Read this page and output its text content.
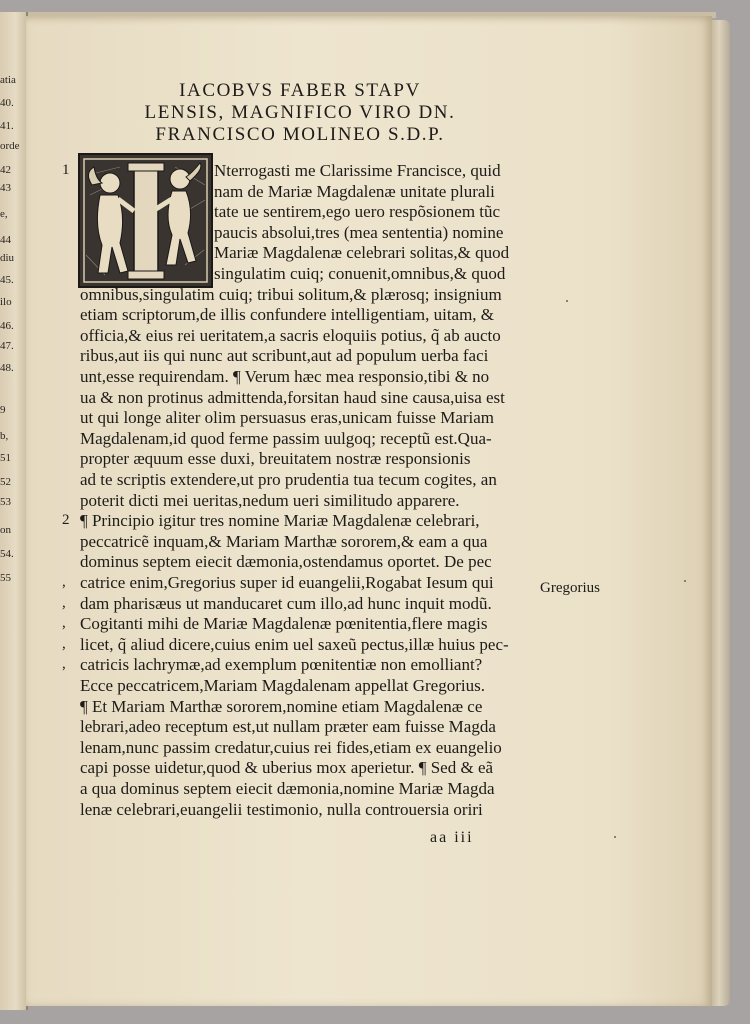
atia
40.
41.
orde
42
43
e,
44
diu
45.
ilo
46.
47.
48.
9
b,
51
52
53
on
54.
55
IACOBVS FABER STAPV
LENSIS, MAGNIFICO VIRO DN.
FRANCISCO MOLINEO S.D.P.
Nterrogasti me Clarissime Francisce, quid
1
nam de Mariæ Magdalenæ unitate plurali
tate ue sentirem,ego uero respõsionem tũc
paucis absolui,tres (mea sententia) nomine
Mariæ Magdalenæ celebrari solitas,& quod
singulatim cuiq; conuenit,omnibus,& quod
omnibus,singulatim cuiq; tribui solitum,& plærosq; insignium
etiam scriptorum,de illis confundere intelligentiam, uitam, &
officia,& eius rei ueritatem,a sacris eloquiis potius, q̃ ab aucto
ribus,aut iis qui nunc aut scribunt,aut ad populum uerba faci
unt,esse requirendam. ¶ Verum hæc mea responsio,tibi & no
ua & non protinus admittenda,forsitan haud sine causa,uisa est
ut qui longe aliter olim persuasus eras,unicam fuisse Mariam
Magdalenam,id quod ferme passim uulgoq; receptũ est.Qua-
propter æquum esse duxi, breuitatem nostræ responsionis
ad te scriptis extendere,ut pro prudentia tua tecum cogites, an
poterit dicti mei ueritas,nedum ueri similitudo apparere.
¶ Principio igitur tres nomine Mariæ Magdalenæ celebrari,
2
peccatricẽ inquam,& Mariam Marthæ sororem,& eam a qua
dominus septem eiecit dæmonia,ostendamus oportet. De pec
catrice enim,Gregorius super id euangelii,Rogabat Iesum qui
,
dam pharisæus ut manducaret cum illo,ad hunc inquit modũ.
,
Cogitanti mihi de Mariæ Magdalenæ pœnitentia,flere magis
,
licet, q̃ aliud dicere,cuius enim uel saxeũ pectus,illæ huius pec-
,
catricis lachrymæ,ad exemplum pœnitentiæ non emolliant?
,
Ecce peccatricem,Mariam Magdalenam appellat Gregorius.
¶ Et Mariam Marthæ sororem,nomine etiam Magdalenæ ce
lebrari,adeo receptum est,ut nullam præter eam fuisse Magda
lenam,nunc passim credatur,cuius rei fides,etiam ex euangelio
capi posse uidetur,quod & uberius mox aperietur. ¶ Sed & eã
a qua dominus septem eiecit dæmonia,nomine Mariæ Magda
lenæ celebrari,euangelii testimonio, nulla controuersia oriri
Gregorius
aa iii
